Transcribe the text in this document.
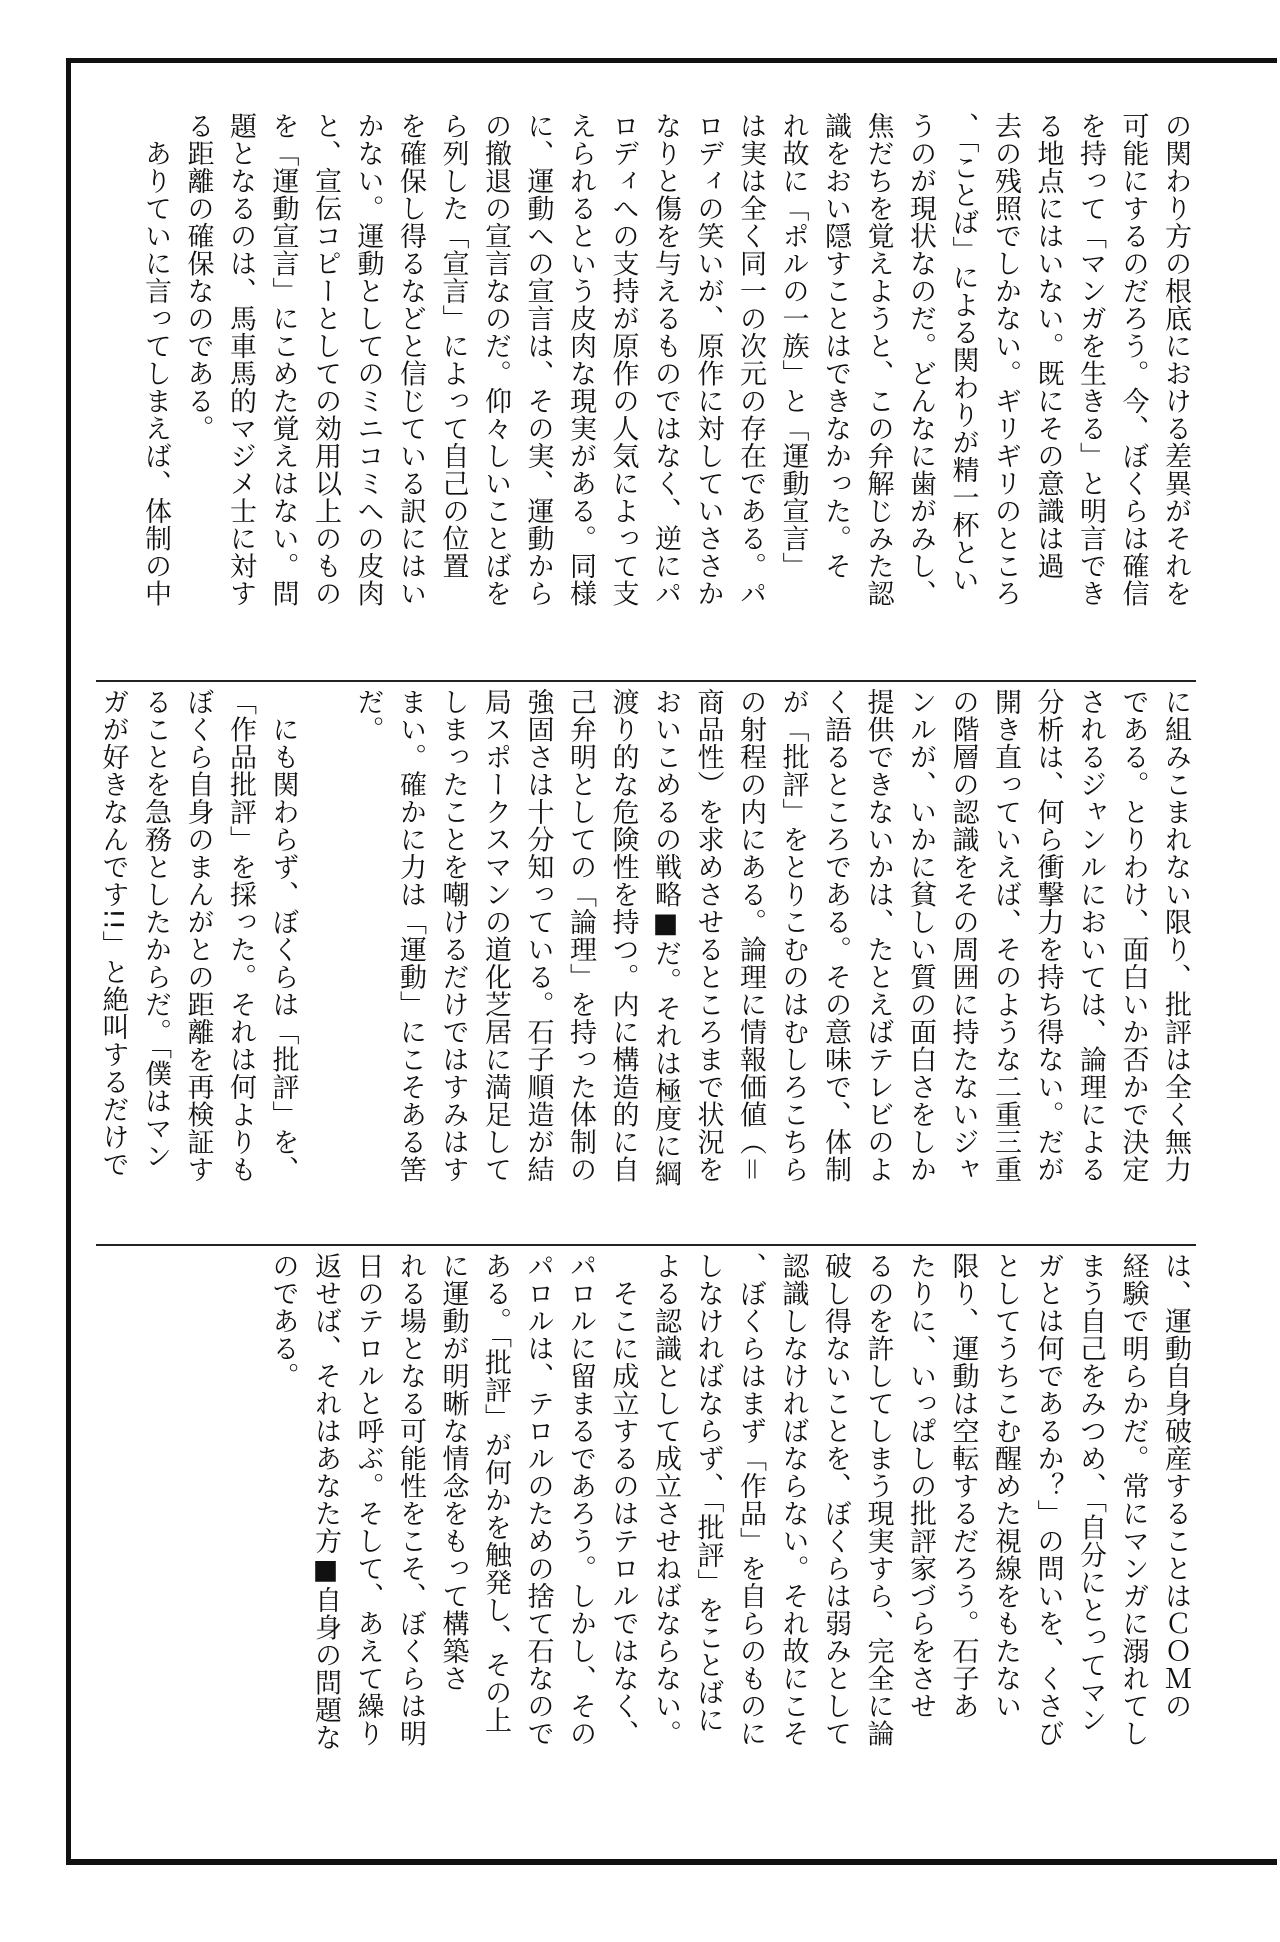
の関わり方の根底における差異がそれを
可能にするのだろう。今、ぼくらは確信
を持って「マンガを生きる」と明言でき
る地点にはいない。既にその意識は過
去の残照でしかない。ギリギリのところ
、「ことば」による関わりが精一杯とい
うのが現状なのだ。どんなに歯がみし、
焦だちを覚えようと、この弁解じみた認
識をおい隠すことはできなかった。そ
れ故に「ポルの一族」と「運動宣言」
は実は全く同一の次元の存在である。パ
ロディの笑いが、原作に対していささか
なりと傷を与えるものではなく、逆にパ
ロディへの支持が原作の人気によって支
えられるという皮肉な現実がある。同様
に、運動への宣言は、その実、運動から
の撤退の宣言なのだ。仰々しいことばを
ら列した「宣言」によって自己の位置
を確保し得るなどと信じている訳にはい
かない。運動としてのミニコミへの皮肉
と、宣伝コピーとしての効用以上のもの
を「運動宣言」にこめた覚えはない。問
題となるのは、馬車馬的マジメ士に対す
る距離の確保なのである。
　ありていに言ってしまえば、体制の中
に組みこまれない限り、批評は全く無力
である。とりわけ、面白いか否かで決定
されるジャンルにおいては、論理による
分析は、何ら衝撃力を持ち得ない。だが
開き直っていえば、そのような二重三重
の階層の認識をその周囲に持たないジャ
ンルが、いかに貧しい質の面白さをしか
提供できないかは、たとえばテレビのよ
く語るところである。その意味で、体制
が「批評」をとりこむのはむしろこちら
の射程の内にある。論理に情報価値（＝
商品性）を求めさせるところまで状況を
おいこめるの戦略■だ。それは極度に綱
渡り的な危険性を持つ。内に構造的に自
己弁明としての「論理」を持った体制の
強固さは十分知っている。石子順造が結
局スポークスマンの道化芝居に満足して
しまったことを嘲けるだけではすみはす
まい。確かに力は「運動」にこそある筈
だ。
　にも関わらず、ぼくらは「批評」を、
「作品批評」を採った。それは何よりも
ぼくら自身のまんがとの距離を再検証す
ることを急務としたからだ。「僕はマン
ガが好きなんです!!」と絶叫するだけで
は、運動自身破産することはＣＯＭの
経験で明らかだ。常にマンガに溺れてし
まう自己をみつめ、「自分にとってマン
ガとは何であるか？」の問いを、くさび
としてうちこむ醒めた視線をもたない
限り、運動は空転するだろう。石子あ
たりに、いっぱしの批評家づらをさせ
るのを許してしまう現実すら、完全に論
破し得ないことを、ぼくらは弱みとして
認識しなければならない。それ故にこそ
、ぼくらはまず「作品」を自らのものに
しなければならず、「批評」をことばに
よる認識として成立させねばならない。
　そこに成立するのはテロルではなく、
パロルに留まるであろう。しかし、その
パロルは、テロルのための捨て石なので
ある。「批評」が何かを触発し、その上
に運動が明晰な情念をもって構築さ
れる場となる可能性をこそ、ぼくらは明
日のテロルと呼ぶ。そして、あえて繰り
返せば、それはあなた方■自身の問題な
のである。
